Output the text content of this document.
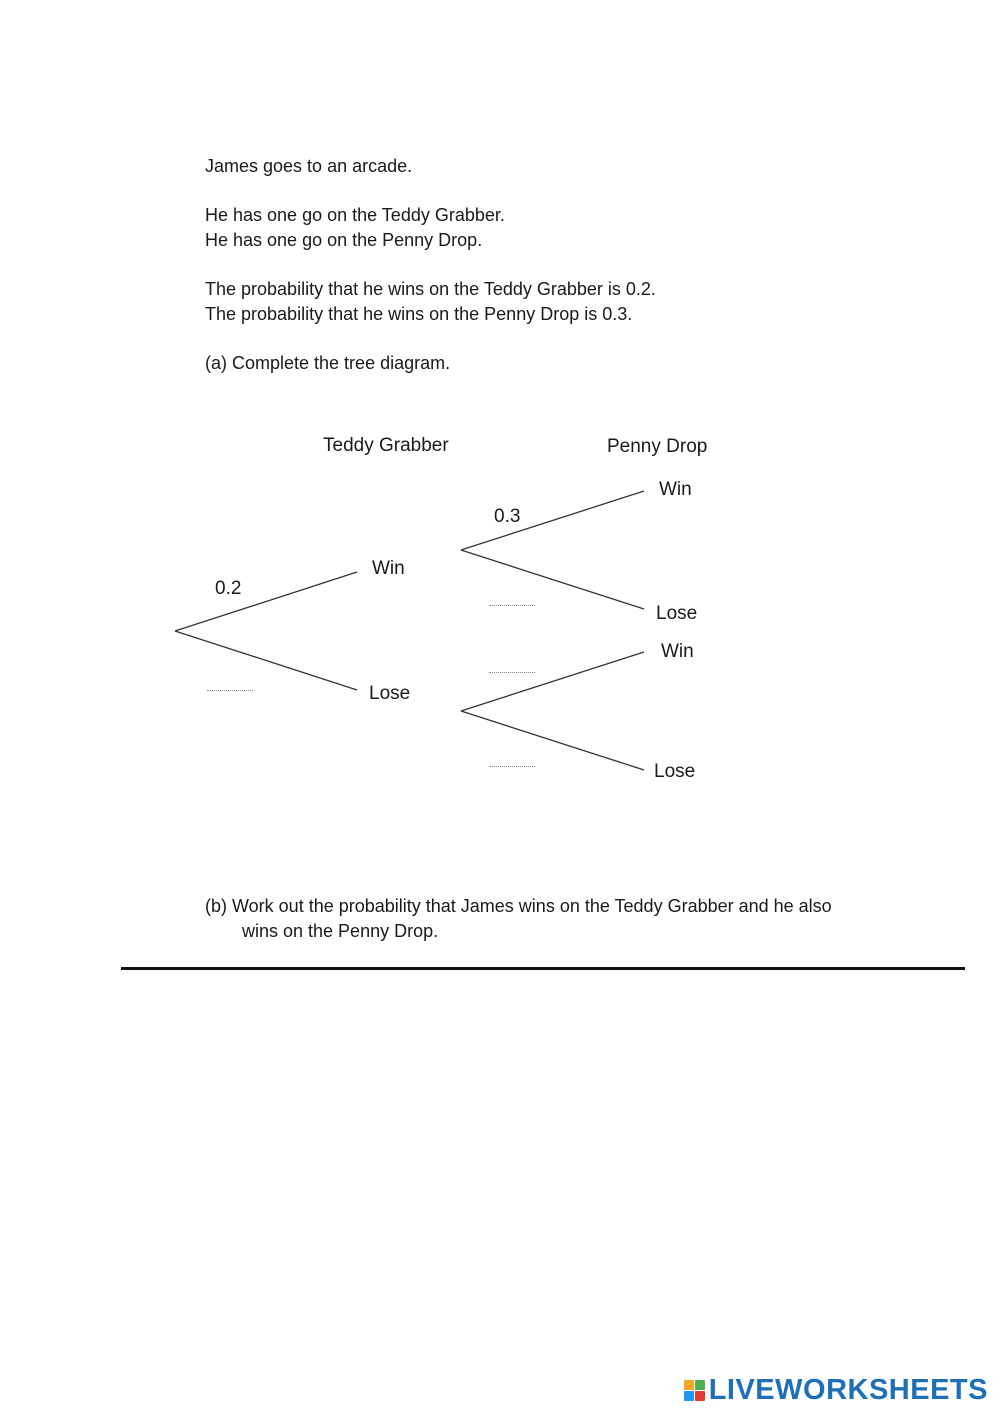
James goes to an arcade.
He has one go on the Teddy Grabber.
He has one go on the Penny Drop.
The probability that he wins on the Teddy Grabber is 0.2.
The probability that he wins on the Penny Drop is 0.3.
(a) Complete the tree diagram.
Teddy Grabber	Penny Drop
0.2
0.3
Win
Lose
Win
Lose
Win
Lose
(b) Work out the probability that James wins on the Teddy Grabber and he also
wins on the Penny Drop.
LIVEWORKSHEETS
